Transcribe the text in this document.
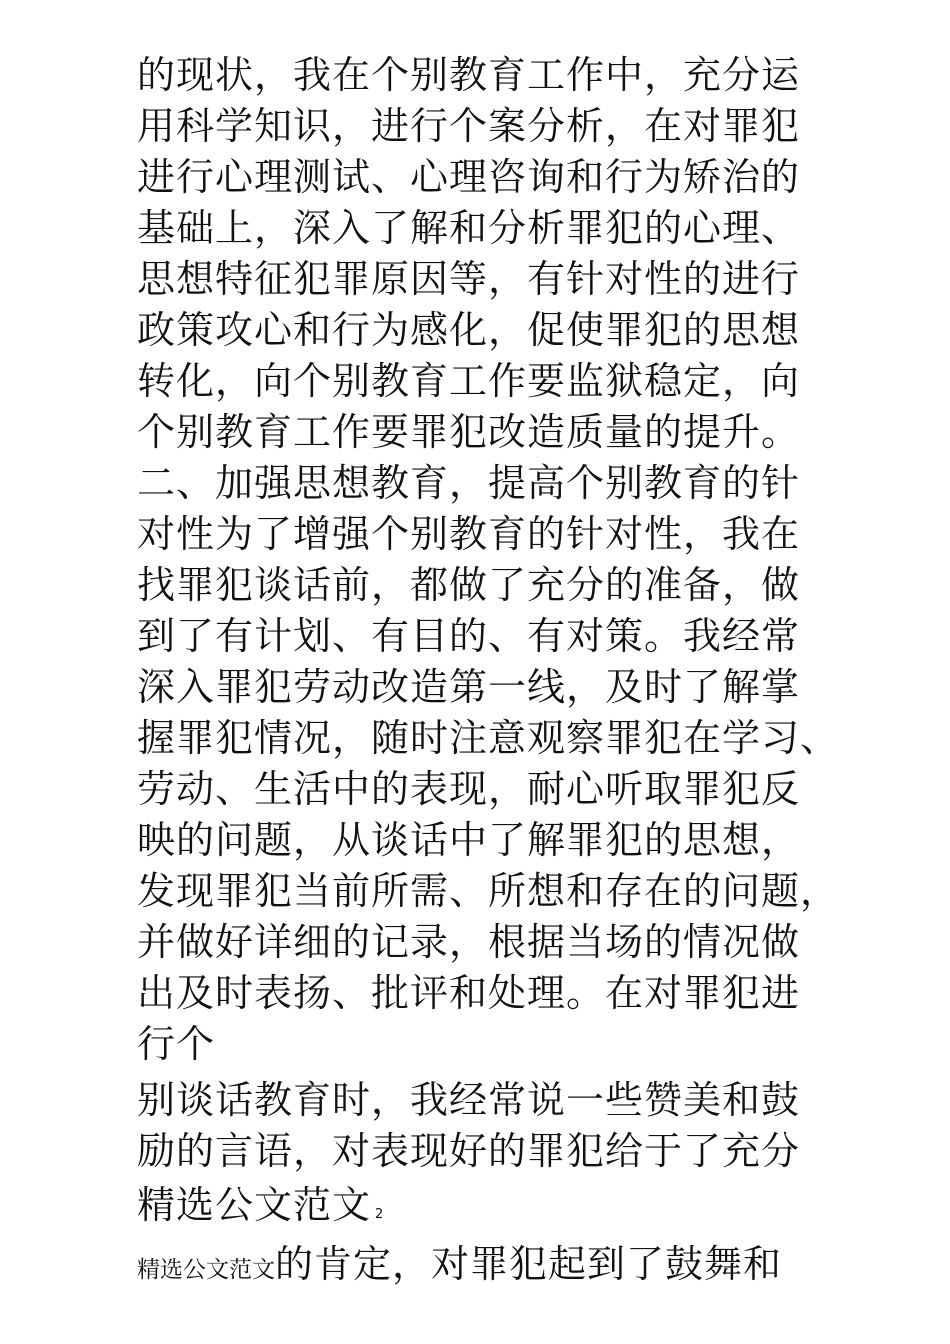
的现状，我在个别教育工作中，充分运
用科学知识，进行个案分析，在对罪犯
进行心理测试、心理咨询和行为矫治的
基础上，深入了解和分析罪犯的心理、
思想特征犯罪原因等，有针对性的进行
政策攻心和行为感化，促使罪犯的思想
转化，向个别教育工作要监狱稳定，向
个别教育工作要罪犯改造质量的提升。
二、加强思想教育，提高个别教育的针
对性为了增强个别教育的针对性，我在
找罪犯谈话前，都做了充分的准备，做
到了有计划、有目的、有对策。我经常
深入罪犯劳动改造第一线，及时了解掌
握罪犯情况，随时注意观察罪犯在学习、
劳动、生活中的表现，耐心听取罪犯反
映的问题，从谈话中了解罪犯的思想，
发现罪犯当前所需、所想和存在的问题，
并做好详细的记录，根据当场的情况做
出及时表扬、批评和处理。在对罪犯进
行个
别谈话教育时，我经常说一些赞美和鼓
励的言语，对表现好的罪犯给于了充分
精选公文范文 2
精选公文范文的肯定，对罪犯起到了鼓舞和
